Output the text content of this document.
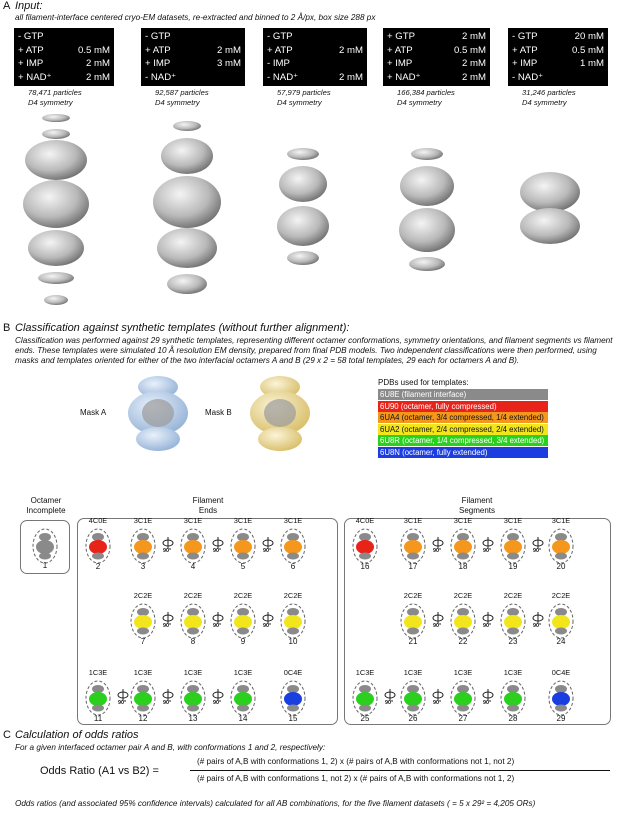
A Input:
all filament-interface centered cryo-EM datasets, re-extracted and binned to 2 Å/px, box size 288 px
- GTP
+ ATP	0.5 mM
+ IMP	2 mM
+ NAD⁺	2 mM
78,471 particles
D4 symmetry
- GTP
+ ATP	2 mM
+ IMP	3 mM
- NAD⁺
92,587 particles
D4 symmetry
- GTP
+ ATP	2 mM
- IMP
- NAD⁺	2 mM
57,979 particles
D4 symmetry
+ GTP	2 mM
+ ATP	0.5 mM
+ IMP	2 mM
+ NAD⁺	2 mM
166,384 particles
D4 symmetry
- GTP	20 mM
+ ATP	0.5 mM
+ IMP	1 mM
- NAD⁺
31,246 particles
D4 symmetry
B Classification against synthetic templates (without further alignment):
Classification was performed against 29 synthetic templates, representing different octamer conformations, symmetry orientations, and filament segments vs filament ends. These templates were simulated 10 Å resolution EM density, prepared from final PDB models. Two independent classifications were then performed, using masks and templates oriented for either of the two interfacial octamers A and B (29 x 2 = 58 total templates, 29 each for octamers A and B).
Mask A	Mask B
PDBs used for templates:
6U8E (filament interface)
6U90 (octamer, fully compressed)
6UA4 (octamer, 3/4 compressed, 1/4 extended)
6UA2 (octamer, 2/4 compressed, 2/4 extended)
6U8R (octamer, 1/4 compressed, 3/4 extended)
6U8N (octamer, fully extended)
Octamer Incomplete
Filament Ends
Filament Segments
1
4C0E
2
3C1E
3
90°
3C1E
4
90°
3C1E
5
90°
3C1E
6
2C2E
7
90°
2C2E
8
90°
2C2E
9
90°
2C2E
10
1C3E
11
90°
1C3E
12
90°
1C3E
13
90°
1C3E
14
0C4E
15
4C0E
16
3C1E
17
90°
3C1E
18
90°
3C1E
19
90°
3C1E
20
2C2E
21
90°
2C2E
22
90°
2C2E
23
90°
2C2E
24
1C3E
25
90°
1C3E
26
90°
1C3E
27
90°
1C3E
28
0C4E
29
C Calculation of odds ratios
For a given interfaced octamer pair A and B, with conformations 1 and 2, respectively:
Odds Ratio (A1 vs B2) =
(# pairs of A,B with conformations 1, 2) x (# pairs of A,B with conformations not 1, not 2)
(# pairs of A,B with conformations 1, not 2) x (# pairs of A,B with conformations not 1, 2)
Odds ratios (and associated 95% confidence intervals) calculated for all AB combinations, for the five filament datasets ( = 5 x 29² = 4,205 ORs)
